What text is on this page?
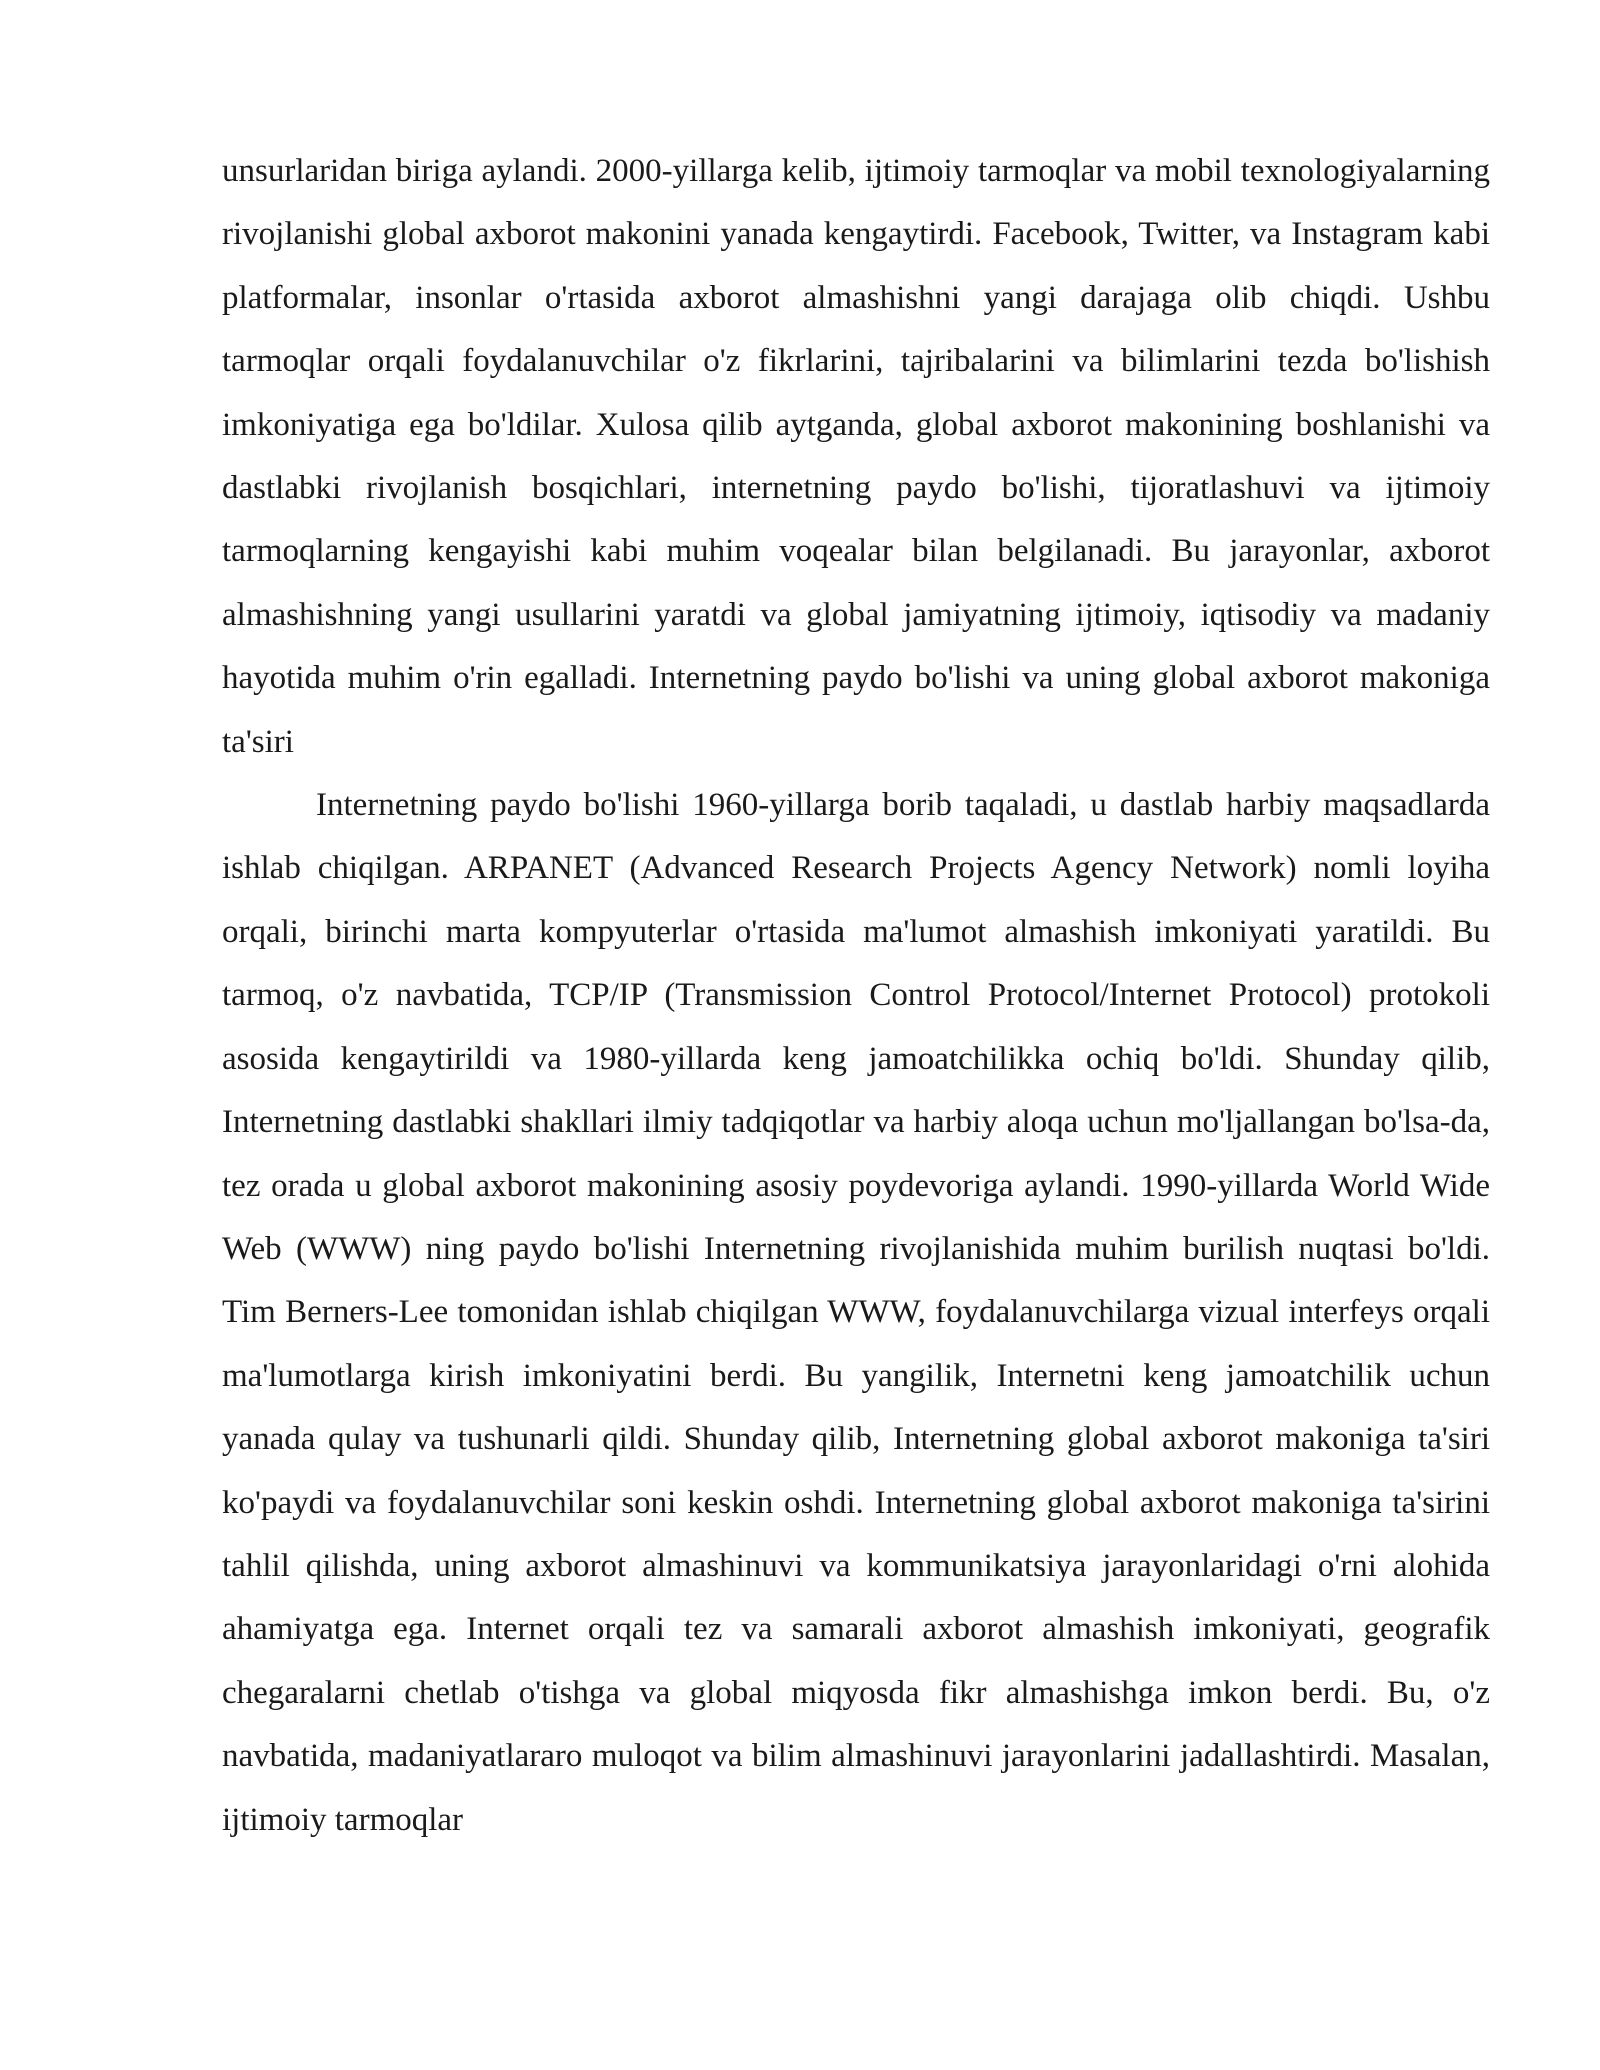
unsurlaridan biriga aylandi. 2000-yillarga kelib, ijtimoiy tarmoqlar va mobil texnologiyalarning rivojlanishi global axborot makonini yanada kengaytirdi. Facebook, Twitter, va Instagram kabi platformalar, insonlar o'rtasida axborot almashishni yangi darajaga olib chiqdi. Ushbu tarmoqlar orqali foydalanuvchilar o'z fikrlarini, tajribalarini va bilimlarini tezda bo'lishish imkoniyatiga ega bo'ldilar. Xulosa qilib aytganda, global axborot makonining boshlanishi va dastlabki rivojlanish bosqichlari, internetning paydo bo'lishi, tijoratlashuvi va ijtimoiy tarmoqlarning kengayishi kabi muhim voqealar bilan belgilanadi. Bu jarayonlar, axborot almashishning yangi usullarini yaratdi va global jamiyatning ijtimoiy, iqtisodiy va madaniy hayotida muhim o'rin egalladi. Internetning paydo bo'lishi va uning global axborot makoniga ta'siri

Internetning paydo bo'lishi 1960-yillarga borib taqaladi, u dastlab harbiy maqsadlarda ishlab chiqilgan. ARPANET (Advanced Research Projects Agency Network) nomli loyiha orqali, birinchi marta kompyuterlar o'rtasida ma'lumot almashish imkoniyati yaratildi. Bu tarmoq, o'z navbatida, TCP/IP (Transmission Control Protocol/Internet Protocol) protokoli asosida kengaytirildi va 1980-yillarda keng jamoatchilikka ochiq bo'ldi. Shunday qilib, Internetning dastlabki shakllari ilmiy tadqiqotlar va harbiy aloqa uchun mo'ljallangan bo'lsa-da, tez orada u global axborot makonining asosiy poydevoriga aylandi. 1990-yillarda World Wide Web (WWW) ning paydo bo'lishi Internetning rivojlanishida muhim burilish nuqtasi bo'ldi. Tim Berners-Lee tomonidan ishlab chiqilgan WWW, foydalanuvchilarga vizual interfeys orqali ma'lumotlarga kirish imkoniyatini berdi. Bu yangilik, Internetni keng jamoatchilik uchun yanada qulay va tushunarli qildi. Shunday qilib, Internetning global axborot makoniga ta'siri ko'paydi va foydalanuvchilar soni keskin oshdi. Internetning global axborot makoniga ta'sirini tahlil qilishda, uning axborot almashinuvi va kommunikatsiya jarayonlaridagi o'rni alohida ahamiyatga ega. Internet orqali tez va samarali axborot almashish imkoniyati, geografik chegaralarni chetlab o'tishga va global miqyosda fikr almashishga imkon berdi. Bu, o'z navbatida, madaniyatlararo muloqot va bilim almashinuvi jarayonlarini jadallashtirdi. Masalan, ijtimoiy tarmoqlar
